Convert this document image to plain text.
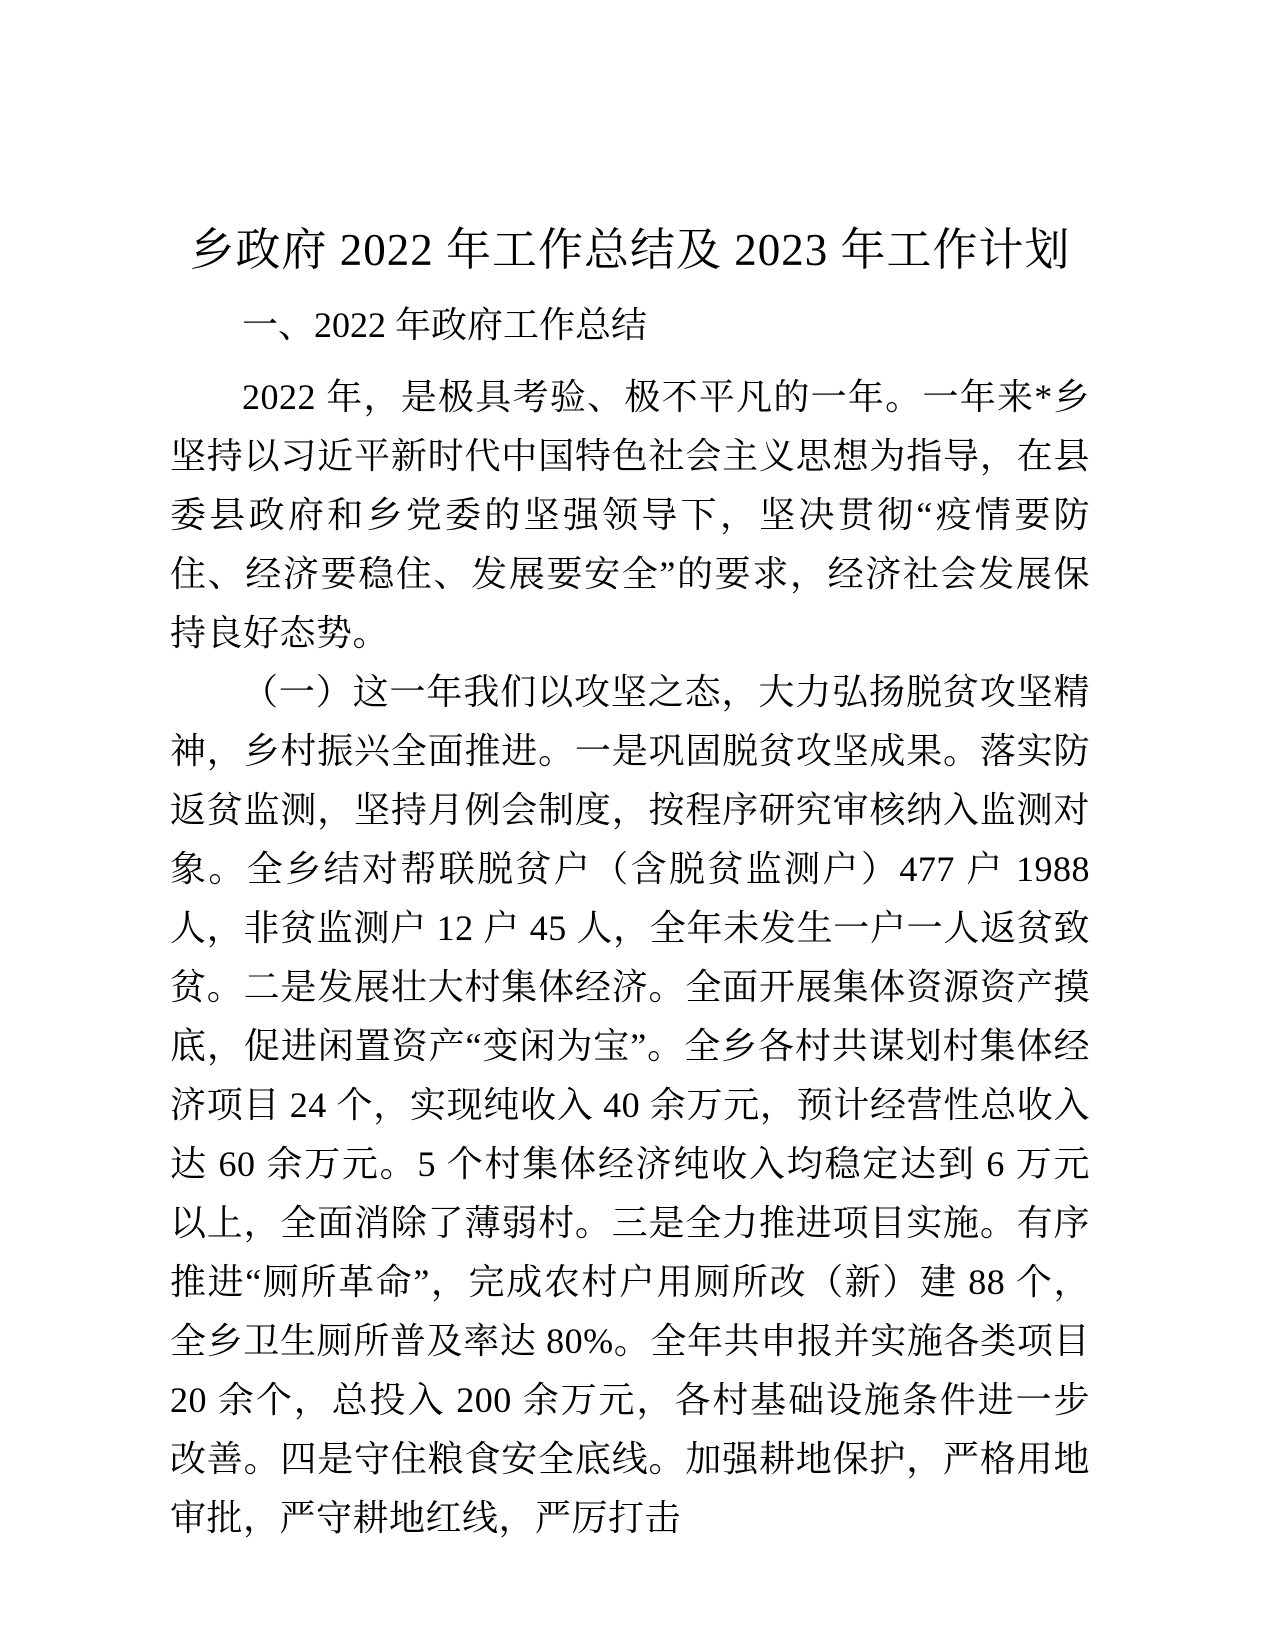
乡政府 2022 年工作总结及 2023 年工作计划
一、2022 年政府工作总结

2022 年，是极具考验、极不平凡的一年。一年来*乡坚持以习近平新时代中国特色社会主义思想为指导，在县委县政府和乡党委的坚强领导下，坚决贯彻“疫情要防住、经济要稳住、发展要安全”的要求，经济社会发展保持良好态势。

（一）这一年我们以攻坚之态，大力弘扬脱贫攻坚精神，乡村振兴全面推进。一是巩固脱贫攻坚成果。落实防返贫监测，坚持月例会制度，按程序研究审核纳入监测对象。全乡结对帮联脱贫户（含脱贫监测户）477 户 1988 人，非贫监测户 12 户 45 人，全年未发生一户一人返贫致贫。二是发展壮大村集体经济。全面开展集体资源资产摸底，促进闲置资产“变闲为宝”。全乡各村共谋划村集体经济项目 24 个，实现纯收入 40 余万元，预计经营性总收入达 60 余万元。5 个村集体经济纯收入均稳定达到 6 万元以上，全面消除了薄弱村。三是全力推进项目实施。有序推进“厕所革命”，完成农村户用厕所改（新）建 88 个，全乡卫生厕所普及率达 80%。全年共申报并实施各类项目 20 余个，总投入 200 余万元，各村基础设施条件进一步改善。四是守住粮食安全底线。加强耕地保护，严格用地审批，严守耕地红线，严厉打击
